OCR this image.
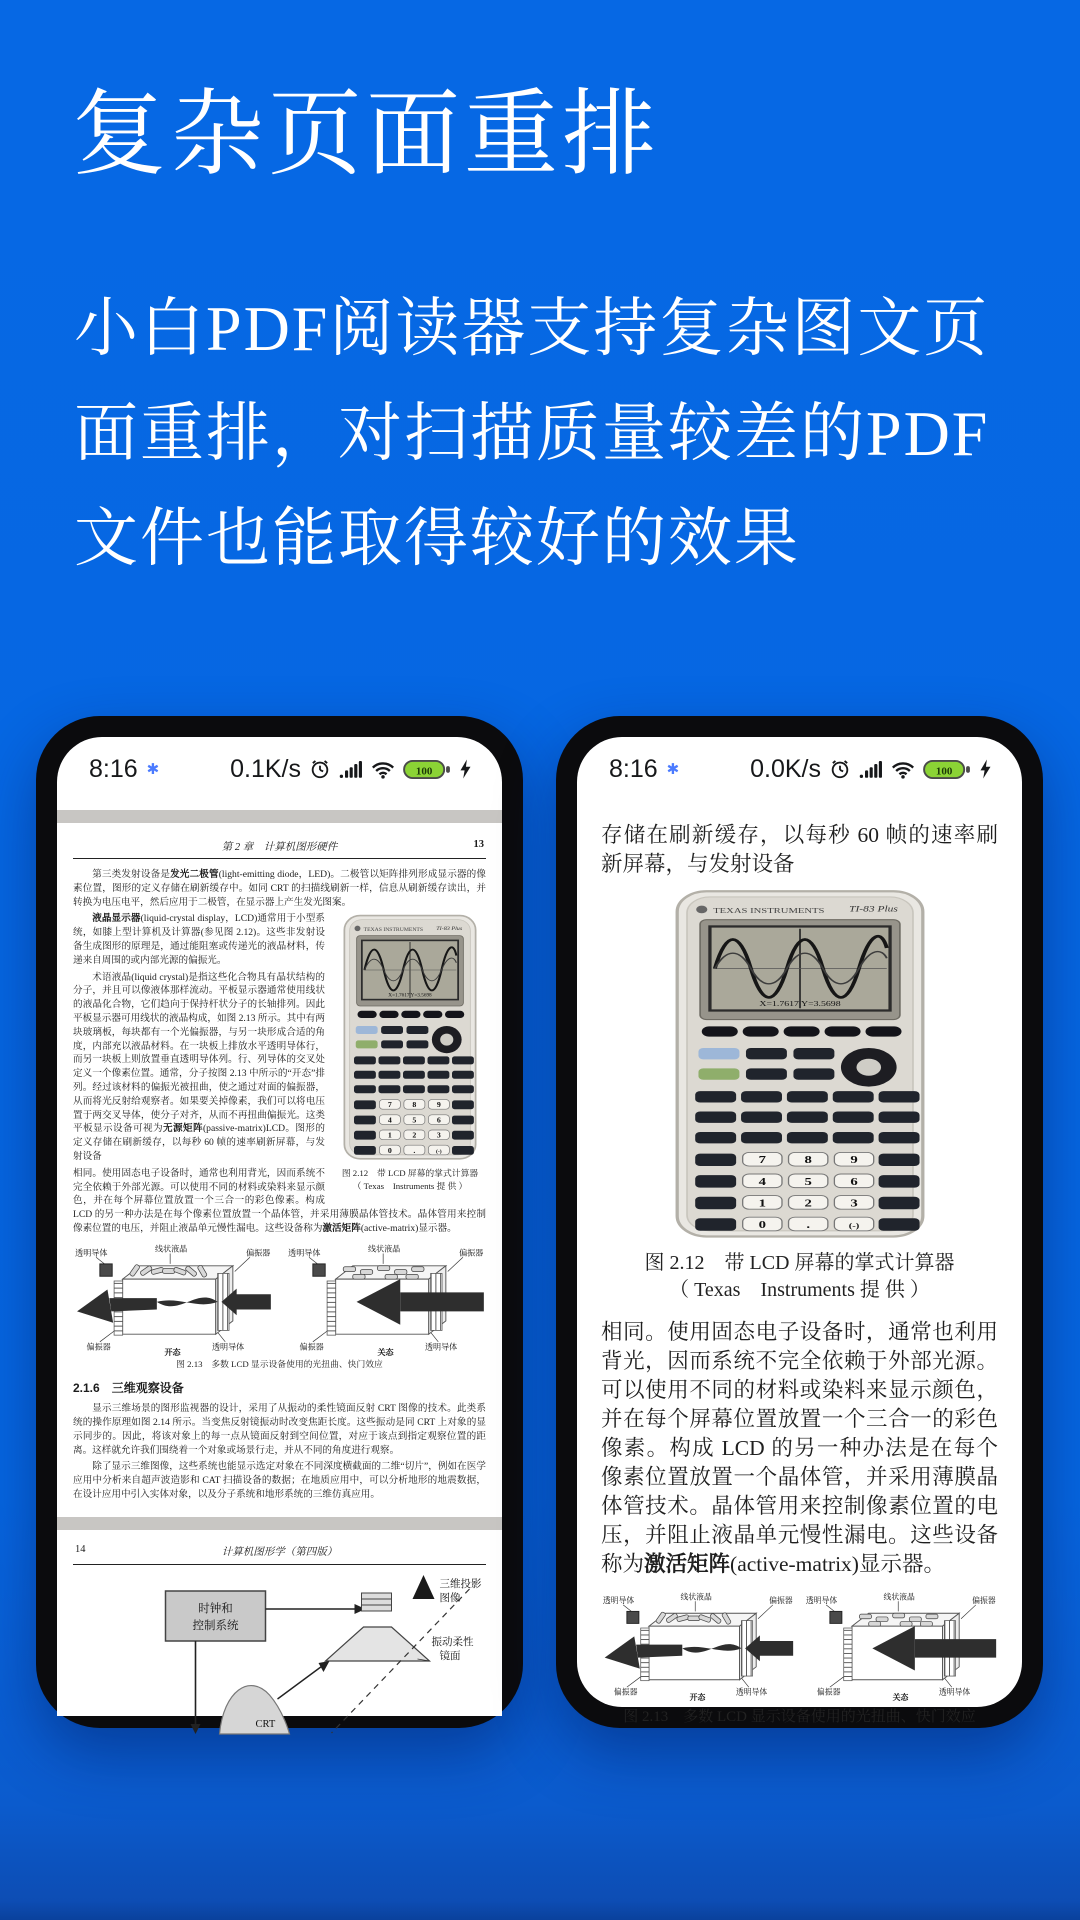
复杂页面重排
小白PDF阅读器支持复杂图文页
面重排，对扫描质量较差的PDF
文件也能取得较好的效果
8:16 ✱	0.1K/s	100
第 2 章　计算机图形硬件	13

第三类发射设备是发光二极管(light-emitting diode，LED)。二极管以矩阵排列形成显示器的像素位置，图形的定义存储在刷新缓存中。如同 CRT 的扫描线刷新一样，信息从刷新缓存读出，并转换为电压电平，然后应用于二极管，在显示器上产生发光图案。

图 2.12　带 LCD 屏幕的掌式计算器
（ Texas　Instruments 提 供 ）

液晶显示器(liquid-crystal display，LCD)通常用于小型系统，如膝上型计算机及计算器(参见图 2.12)。这些非发射设备生成图形的原理是，通过能阻塞或传递光的液晶材料，传递来自周围的或内部光源的偏振光。

术语液晶(liquid crystal)是指这些化合物具有晶状结构的分子，并且可以像液体那样流动。平板显示器通常使用线状的液晶化合物，它们趋向于保持杆状分子的长轴排列。因此平板显示器可用线状的液晶构成，如图 2.13 所示。其中有两块玻璃板，每块都有一个光偏振器，与另一块形成合适的角度，内部充以液晶材料。在一块板上排放水平透明导体行，而另一块板上则放置垂直透明导体列。行、列导体的交叉处定义一个像素位置。通常，分子按图 2.13 中所示的“开态”排列。经过该材料的偏振光被扭曲，使之通过对面的偏振器，从而将光反射给观察者。如果要关掉像素，我们可以将电压置于两交叉导体，使分子对齐，从而不再扭曲偏振光。这类平板显示设备可视为无源矩阵(passive-matrix)LCD。图形的定义存储在刷新缓存，以每秒 60 帧的速率刷新屏幕，与发射设备

相同。使用固态电子设备时，通常也利用背光，因而系统不完全依赖于外部光源。可以使用不同的材料或染料来显示颜色，并在每个屏幕位置放置一个三合一的彩色像素。构成 LCD 的另一种办法是在每个像素位置放置一个晶体管，并采用薄膜晶体管技术。晶体管用来控制像素位置的电压，并阻止液晶单元慢性漏电。这些设备称为激活矩阵(active-matrix)显示器。

图 2.13　多数 LCD 显示设备使用的光扭曲、快门效应
2.1.6　三维观察设备

显示三维场景的图形监视器的设计，采用了从振动的柔性镜面反射 CRT 图像的技术。此类系统的操作原理如图 2.14 所示。当变焦反射镜振动时改变焦距长度。这些振动是同 CRT 上对象的显示同步的。因此，将该对象上的每一点从镜面反射到空间位置，对应于该点到指定观察位置的距离。这样就允许我们围绕着一个对象或场景行走，并从不同的角度进行观察。

除了显示三维图像，这些系统也能显示选定对象在不同深度横截面的二维“切片”，例如在医学应用中分析来自超声波造影和 CAT 扫描设备的数据；在地质应用中，可以分析地形的地震数据，在设计应用中引入实体对象，以及分子系统和地形系统的三维仿真应用。

14	计算机图形学（第四版）
时钟和
控制系统
三维投影
图像
振动柔性
镜面
CRT
8:16 ✱	0.0K/s	100

存储在刷新缓存，以每秒 60 帧的速率刷新屏幕，与发射设备

图 2.12　带 LCD 屏幕的掌式计算器
（ Texas　Instruments 提 供 ）

相同。使用固态电子设备时，通常也利用背光，因而系统不完全依赖于外部光源。可以使用不同的材料或染料来显示颜色，并在每个屏幕位置放置一个三合一的彩色像素。构成 LCD 的另一种办法是在每个像素位置放置一个晶体管，并采用薄膜晶体管技术。晶体管用来控制像素位置的电压，并阻止液晶单元慢性漏电。这些设备称为激活矩阵(active-matrix)显示器。

图 2.13　多数 LCD 显示设备使用的光扭曲、快门效应
